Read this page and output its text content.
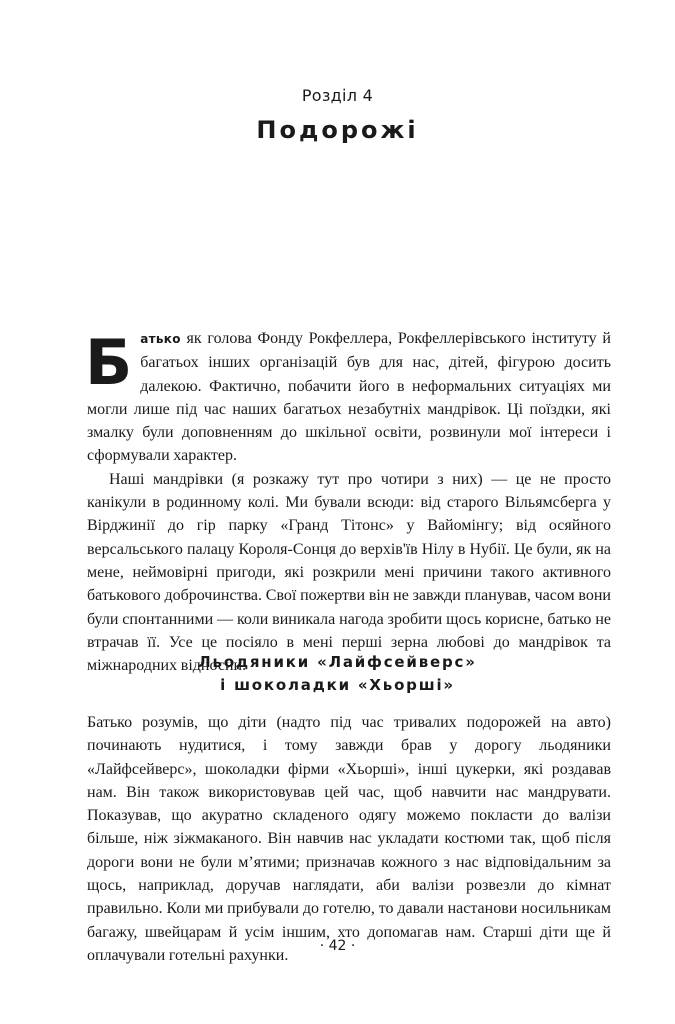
Розділ 4
Подорожі

Батько як голова Фонду Рокфеллера, Рокфеллерівського інституту й багатьох інших організацій був для нас, дітей, фігурою досить далекою. Фактично, побачити його в неформальних ситуаціях ми могли лише під час наших багатьох незабутніх мандрівок. Ці поїздки, які змалку були доповненням до шкільної освіти, розвинули мої інтереси і сформували характер.

Наші мандрівки (я розкажу тут про чотири з них) — це не просто канікули в родинному колі. Ми бували всюди: від старого Вільямсберга у Вірджинії до гір парку «Гранд Тітонс» у Вайомінгу; від осяйного версальського палацу Короля-Сонця до верхів'їв Нілу в Нубії. Це були, як на мене, неймовірні пригоди, які розкрили мені причини такого активного батькового доброчинства. Свої пожертви він не завжди планував, часом вони були спонтанними — коли виникала нагода зробити щось корисне, батько не втрачав її. Усе це посіяло в мені перші зерна любові до мандрівок та міжнародних відносин.

Льодяники «Лайфсейверс»
і шоколадки «Хьорші»

Батько розумів, що діти (надто під час тривалих подорожей на авто) починають нудитися, і тому завжди брав у дорогу льодяники «Лайфсейверс», шоколадки фірми «Хьорші», інші цукерки, які роздавав нам. Він також використовував цей час, щоб навчити нас мандрувати. Показував, що акуратно складеного одягу можемо покласти до валізи більше, ніж зіжмаканого. Він навчив нас укладати костюми так, щоб після дороги вони не були м’ятими; призначав кожного з нас відповідальним за щось, наприклад, доручав наглядати, аби валізи розвезли до кімнат правильно. Коли ми прибували до готелю, то давали настанови носильникам багажу, швейцарам й усім іншим, хто допомагав нам. Старші діти ще й оплачували готельні рахунки.

· 42 ·
